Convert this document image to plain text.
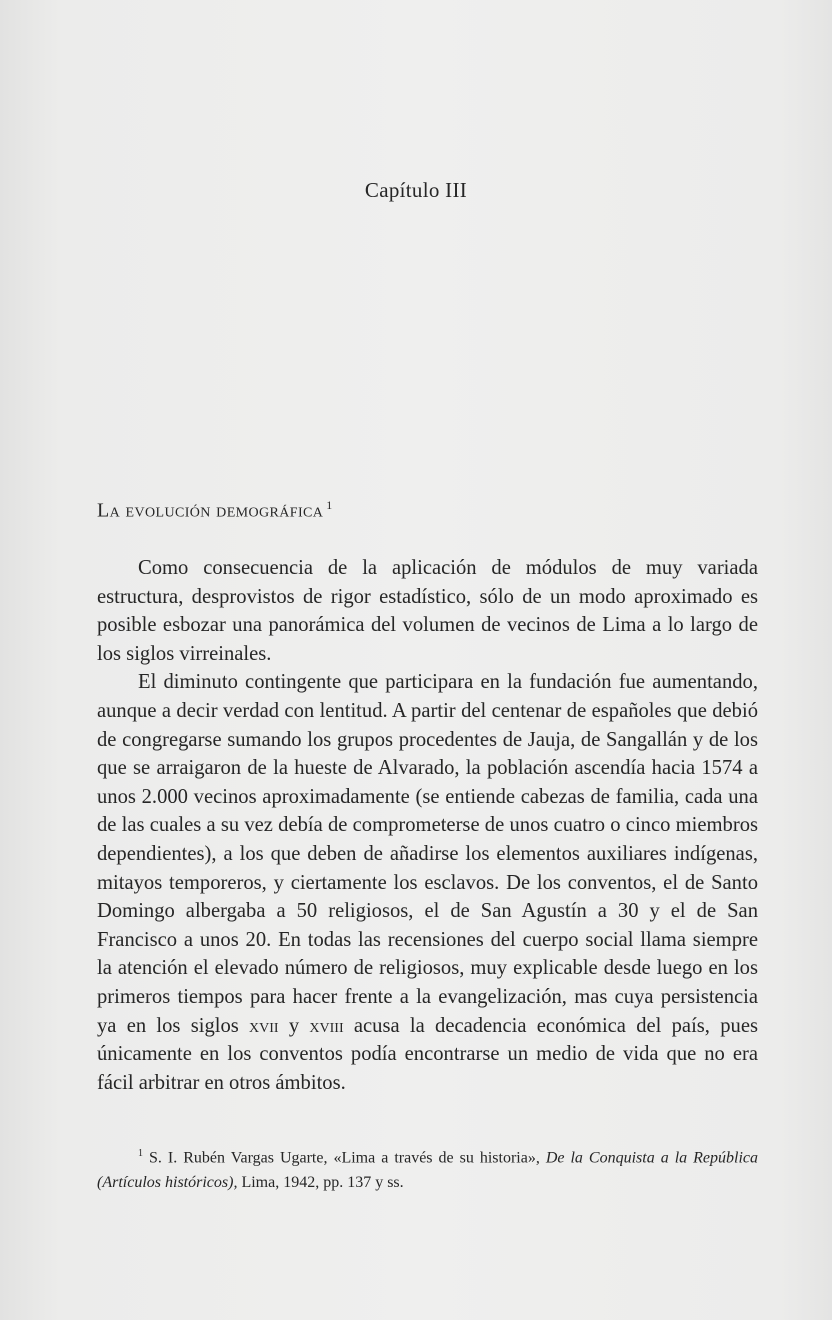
Capítulo III
La evolución demográfica $^1$

Como consecuencia de la aplicación de módulos de muy variada estructura, desprovistos de rigor estadístico, sólo de un modo aproximado es posible esbozar una panorámica del volumen de vecinos de Lima a lo largo de los siglos virreinales.

El diminuto contingente que participara en la fundación fue aumentando, aunque a decir verdad con lentitud. A partir del centenar de españoles que debió de congregarse sumando los grupos procedentes de Jauja, de Sangallán y de los que se arraigaron de la hueste de Alvarado, la población ascendía hacia 1574 a unos 2.000 vecinos aproximadamente (se entiende cabezas de familia, cada una de las cuales a su vez debía de comprometerse de unos cuatro o cinco miembros dependientes), a los que deben de añadirse los elementos auxiliares indígenas, mitayos temporeros, y ciertamente los esclavos. De los conventos, el de Santo Domingo albergaba a 50 religiosos, el de San Agustín a 30 y el de San Francisco a unos 20. En todas las recensiones del cuerpo social llama siempre la atención el elevado número de religiosos, muy explicable desde luego en los primeros tiempos para hacer frente a la evangelización, mas cuya persistencia ya en los siglos xvii y xviii acusa la decadencia económica del país, pues únicamente en los conventos podía encontrarse un medio de vida que no era fácil arbitrar en otros ámbitos.

$^1$ S. I. Rubén Vargas Ugarte, «Lima a través de su historia», De la Conquista a la República (Artículos históricos), Lima, 1942, pp. 137 y ss.
